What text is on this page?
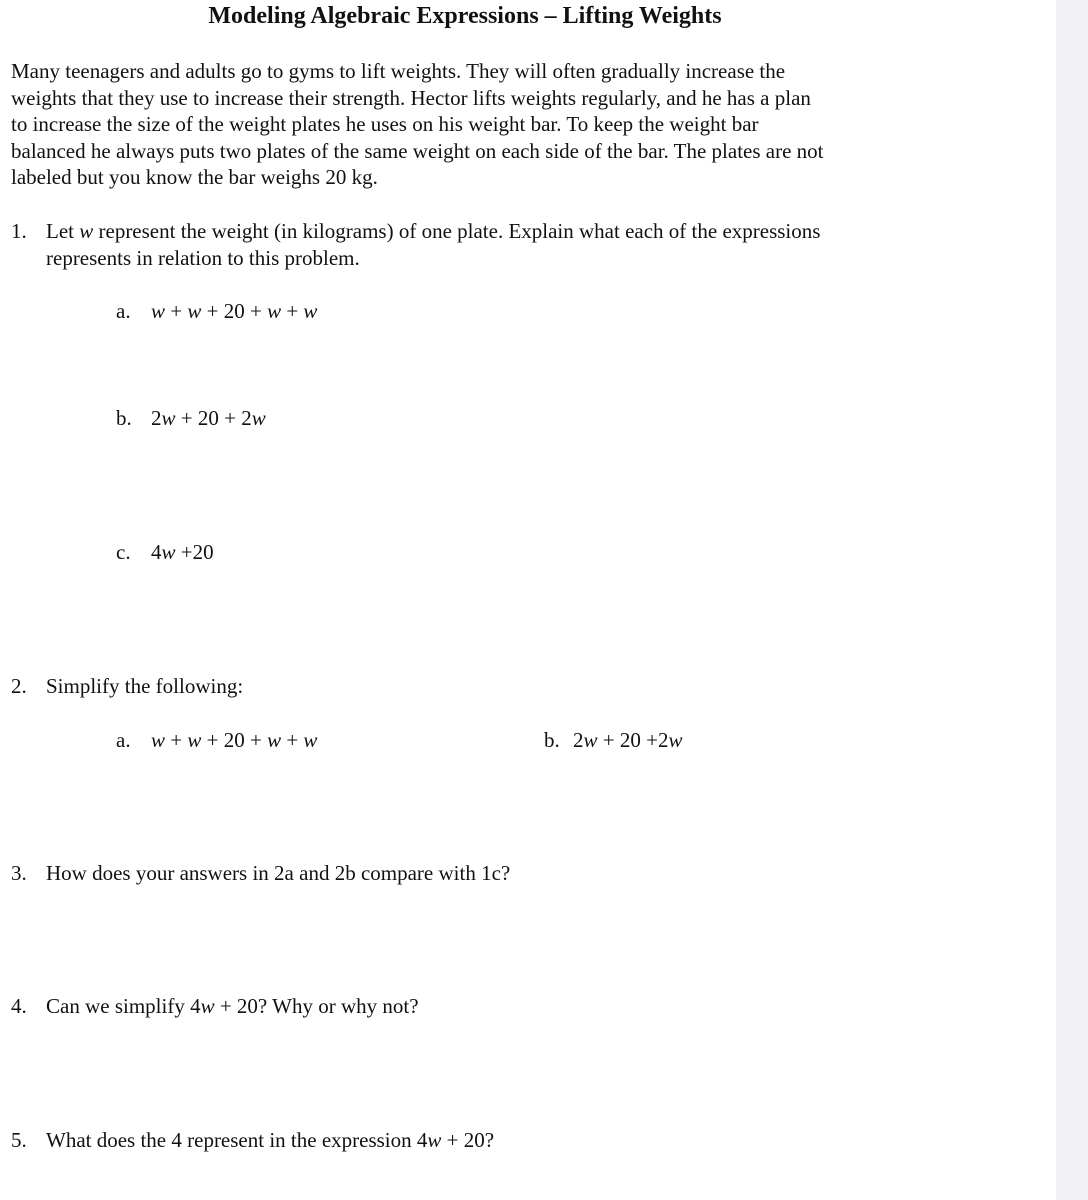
Modeling Algebraic Expressions – Lifting Weights
Many teenagers and adults go to gyms to lift weights. They will often gradually increase the
weights that they use to increase their strength. Hector lifts weights regularly, and he has a plan
to increase the size of the weight plates he uses on his weight bar. To keep the weight bar
balanced he always puts two plates of the same weight on each side of the bar. The plates are not
labeled but you know the bar weighs 20 kg.
1. Let w represent the weight (in kilograms) of one plate. Explain what each of the expressions
represents in relation to this problem.
a. w + w + 20 + w + w
b. 2w + 20 + 2w
c. 4w +20
2. Simplify the following:
a. w + w + 20 + w + w	b. 2w + 20 +2w
3. How does your answers in 2a and 2b compare with 1c?
4. Can we simplify 4w + 20? Why or why not?
5. What does the 4 represent in the expression 4w + 20?
